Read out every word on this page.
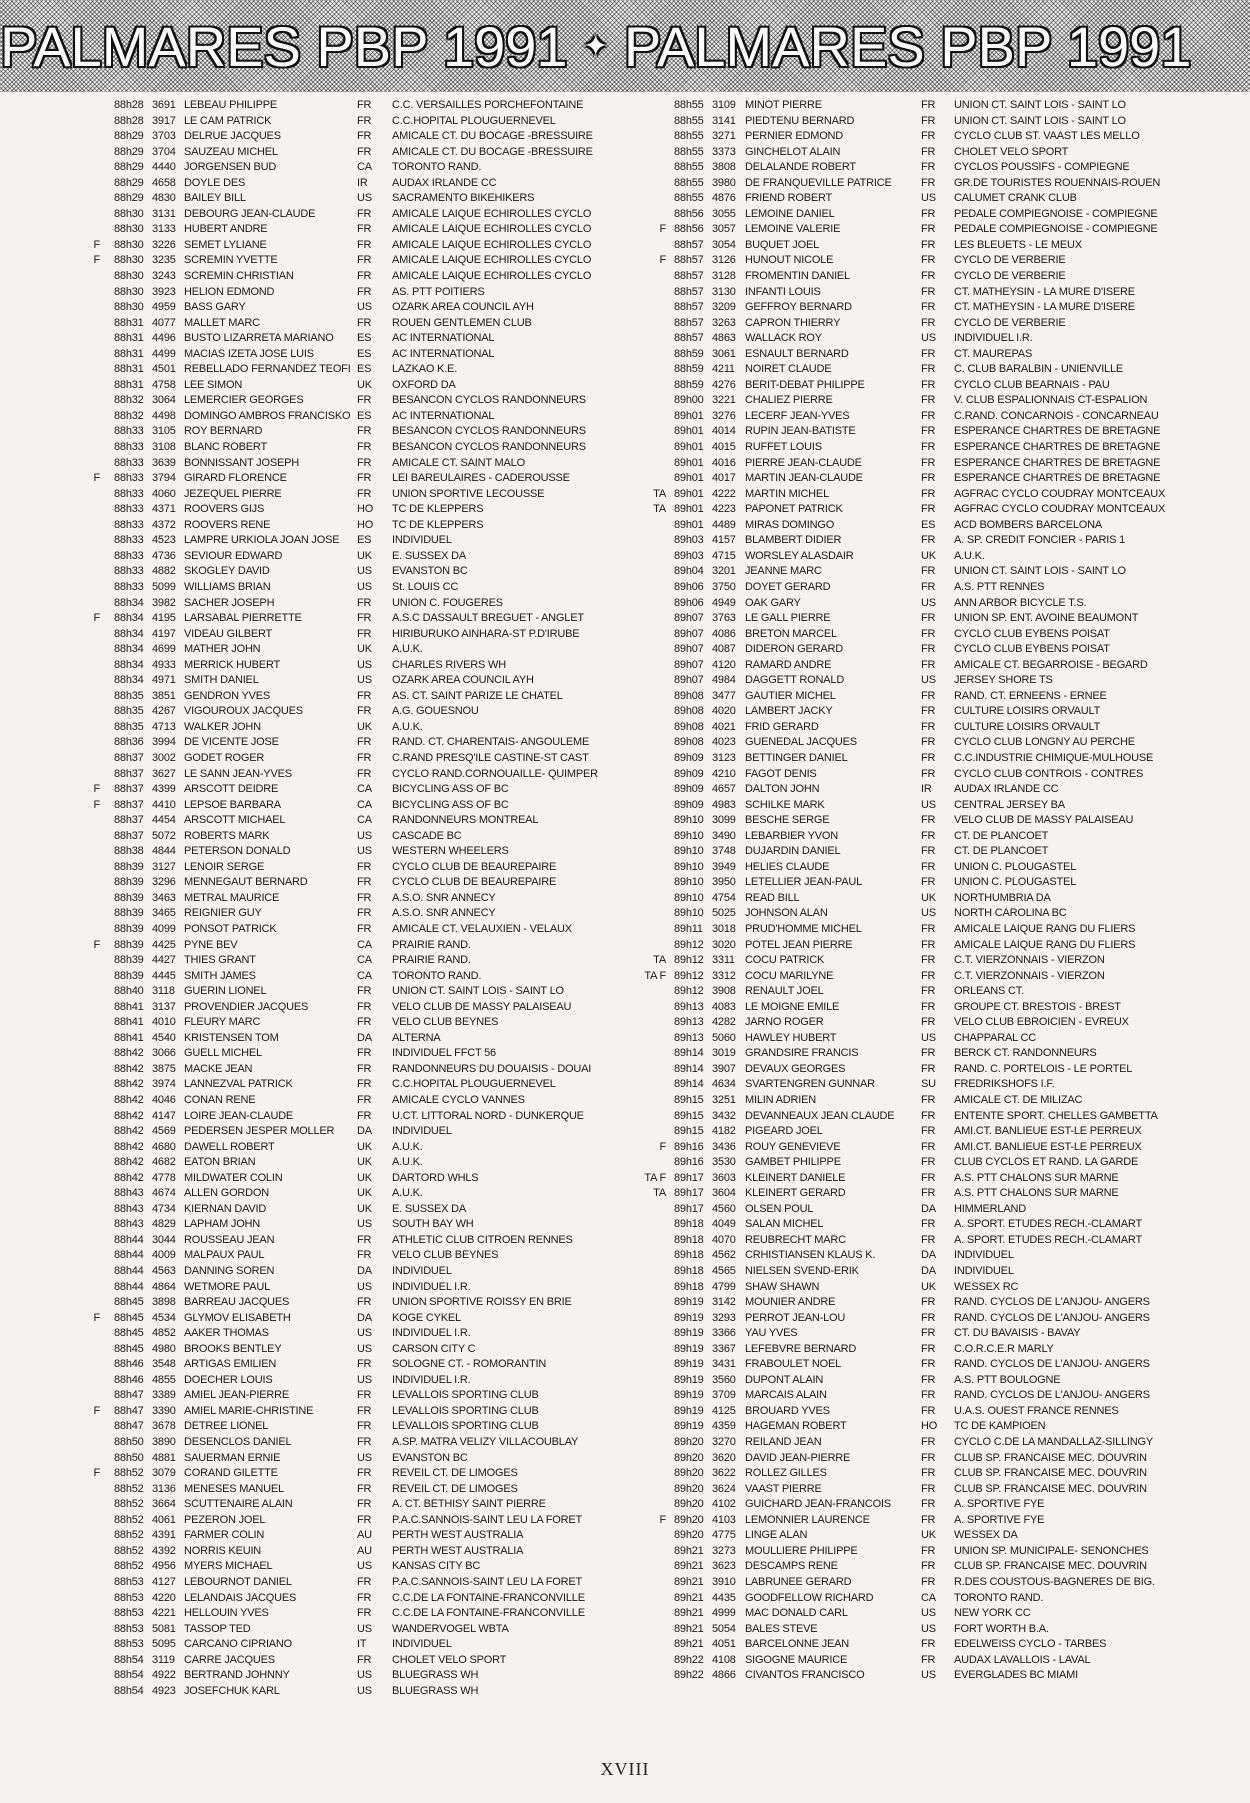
PALMARES PBP 1991 ✦ PALMARES PBP 1991
88h28 3691 LEBEAU PHILIPPE	FR	C.C. VERSAILLES PORCHEFONTAINE
88h28 3917 LE CAM PATRICK	FR	C.C.HOPITAL PLOUGUERNEVEL
88h29 3703 DELRUE JACQUES	FR	AMICALE CT. DU BOCAGE -BRESSUIRE
88h29 3704 SAUZEAU MICHEL	FR	AMICALE CT. DU BOCAGE -BRESSUIRE
88h29 4440 JORGENSEN BUD	CA	TORONTO RAND.
88h29 4658 DOYLE DES	IR	AUDAX IRLANDE CC
88h29 4830 BAILEY BILL	US	SACRAMENTO BIKEHIKERS
88h30 3131 DEBOURG JEAN-CLAUDE	FR	AMICALE LAIQUE ECHIROLLES CYCLO
88h30 3133 HUBERT ANDRE	FR	AMICALE LAIQUE ECHIROLLES CYCLO
F 88h30 3226 SEMET LYLIANE	FR	AMICALE LAIQUE ECHIROLLES CYCLO
F 88h30 3235 SCREMIN YVETTE	FR	AMICALE LAIQUE ECHIROLLES CYCLO
88h30 3243 SCREMIN CHRISTIAN	FR	AMICALE LAIQUE ECHIROLLES CYCLO
88h30 3923 HELION EDMOND	FR	AS. PTT POITIERS
88h30 4959 BASS GARY	US	OZARK AREA COUNCIL AYH
88h31 4077 MALLET MARC	FR	ROUEN GENTLEMEN CLUB
88h31 4496 BUSTO LIZARRETA MARIANO	ES	AC INTERNATIONAL
88h31 4499 MACIAS IZETA JOSE LUIS	ES	AC INTERNATIONAL
88h31 4501 REBELLADO FERNANDEZ TEOFI ES	LAZKAO K.E.
88h31 4758 LEE SIMON	UK	OXFORD DA
88h32 3064 LEMERCIER GEORGES	FR	BESANCON CYCLOS RANDONNEURS
88h32 4498 DOMINGO AMBROS FRANCISKO ES	AC INTERNATIONAL
88h33 3105 ROY BERNARD	FR	BESANCON CYCLOS RANDONNEURS
88h33 3108 BLANC ROBERT	FR	BESANCON CYCLOS RANDONNEURS
88h33 3639 BONNISSANT JOSEPH	FR	AMICALE CT. SAINT MALO
F 88h33 3794 GIRARD FLORENCE	FR	LEI BAREULAIRES - CADEROUSSE
88h33 4060 JEZEQUEL PIERRE	FR	UNION SPORTIVE LECOUSSE
88h33 4371 ROOVERS GIJS	HO	TC DE KLEPPERS
88h33 4372 ROOVERS RENE	HO	TC DE KLEPPERS
88h33 4523 LAMPRE URKIOLA JOAN JOSE	ES	INDIVIDUEL
88h33 4736 SEVIOUR EDWARD	UK	E. SUSSEX DA
88h33 4882 SKOGLEY DAVID	US	EVANSTON BC
88h33 5099 WILLIAMS BRIAN	US	St. LOUIS CC
88h34 3982 SACHER JOSEPH	FR	UNION C. FOUGERES
F 88h34 4195 LARSABAL PIERRETTE	FR	A.S.C DASSAULT BREGUET - ANGLET
88h34 4197 VIDEAU GILBERT	FR	HIRIBURUKO AINHARA-ST P.D'IRUBE
88h34 4699 MATHER JOHN	UK	A.U.K.
88h34 4933 MERRICK HUBERT	US	CHARLES RIVERS WH
88h34 4971 SMITH DANIEL	US	OZARK AREA COUNCIL AYH
88h35 3851 GENDRON YVES	FR	AS. CT. SAINT PARIZE LE CHATEL
88h35 4267 VIGOUROUX JACQUES	FR	A.G. GOUESNOU
88h35 4713 WALKER JOHN	UK	A.U.K.
88h36 3994 DE VICENTE JOSE	FR	RAND. CT. CHARENTAIS- ANGOULEME
88h37 3002 GODET ROGER	FR	C.RAND PRESQ'ILE CASTINE-ST CAST
88h37 3627 LE SANN JEAN-YVES	FR	CYCLO RAND.CORNOUAILLE- QUIMPER
F 88h37 4399 ARSCOTT DEIDRE	CA	BICYCLING ASS OF BC
F 88h37 4410 LEPSOE BARBARA	CA	BICYCLING ASS OF BC
88h37 4454 ARSCOTT MICHAEL	CA	RANDONNEURS MONTREAL
88h37 5072 ROBERTS MARK	US	CASCADE BC
88h38 4844 PETERSON DONALD	US	WESTERN WHEELERS
88h39 3127 LENOIR SERGE	FR	CYCLO CLUB DE BEAUREPAIRE
88h39 3296 MENNEGAUT BERNARD	FR	CYCLO CLUB DE BEAUREPAIRE
88h39 3463 METRAL MAURICE	FR	A.S.O. SNR ANNECY
88h39 3465 REIGNIER GUY	FR	A.S.O. SNR ANNECY
88h39 4099 PONSOT PATRICK	FR	AMICALE CT. VELAUXIEN - VELAUX
F 88h39 4425 PYNE BEV	CA	PRAIRIE RAND.
88h39 4427 THIES GRANT	CA	PRAIRIE RAND.
88h39 4445 SMITH JAMES	CA	TORONTO RAND.
88h40 3118 GUERIN LIONEL	FR	UNION CT. SAINT LOIS - SAINT LO
88h41 3137 PROVENDIER JACQUES	FR	VELO CLUB DE MASSY PALAISEAU
88h41 4010 FLEURY MARC	FR	VELO CLUB BEYNES
88h41 4540 KRISTENSEN TOM	DA	ALTERNA
88h42 3066 GUELL MICHEL	FR	INDIVIDUEL FFCT 56
88h42 3875 MACKE JEAN	FR	RANDONNEURS DU DOUAISIS - DOUAI
88h42 3974 LANNEZVAL PATRICK	FR	C.C.HOPITAL PLOUGUERNEVEL
88h42 4046 CONAN RENE	FR	AMICALE CYCLO VANNES
88h42 4147 LOIRE JEAN-CLAUDE	FR	U.CT. LITTORAL NORD - DUNKERQUE
88h42 4569 PEDERSEN JESPER MOLLER	DA	INDIVIDUEL
88h42 4680 DAWELL ROBERT	UK	A.U.K.
88h42 4682 EATON BRIAN	UK	A.U.K.
88h42 4778 MILDWATER COLIN	UK	DARTORD WHLS
88h43 4674 ALLEN GORDON	UK	A.U.K.
88h43 4734 KIERNAN DAVID	UK	E. SUSSEX DA
88h43 4829 LAPHAM JOHN	US	SOUTH BAY WH
88h44 3044 ROUSSEAU JEAN	FR	ATHLETIC CLUB CITROEN RENNES
88h44 4009 MALPAUX PAUL	FR	VELO CLUB BEYNES
88h44 4563 DANNING SOREN	DA	INDIVIDUEL
88h44 4864 WETMORE PAUL	US	INDIVIDUEL I.R.
88h45 3898 BARREAU JACQUES	FR	UNION SPORTIVE ROISSY EN BRIE
F 88h45 4534 GLYMOV ELISABETH	DA	KOGE CYKEL
88h45 4852 AAKER THOMAS	US	INDIVIDUEL I.R.
88h45 4980 BROOKS BENTLEY	US	CARSON CITY C
88h46 3548 ARTIGAS EMILIEN	FR	SOLOGNE CT. - ROMORANTIN
88h46 4855 DOECHER LOUIS	US	INDIVIDUEL I.R.
88h47 3389 AMIEL JEAN-PIERRE	FR	LEVALLOIS SPORTING CLUB
F 88h47 3390 AMIEL MARIE-CHRISTINE	FR	LEVALLOIS SPORTING CLUB
88h47 3678 DETREE LIONEL	FR	LEVALLOIS SPORTING CLUB
88h50 3890 DESENCLOS DANIEL	FR	A.SP. MATRA VELIZY VILLACOUBLAY
88h50 4881 SAUERMAN ERNIE	US	EVANSTON BC
F 88h52 3079 CORAND GILETTE	FR	REVEIL CT. DE LIMOGES
88h52 3136 MENESES MANUEL	FR	REVEIL CT. DE LIMOGES
88h52 3664 SCUTTENAIRE ALAIN	FR	A. CT. BETHISY SAINT PIERRE
88h52 4061 PEZERON JOEL	FR	P.A.C.SANNOIS-SAINT LEU LA FORET
88h52 4391 FARMER COLIN	AU	PERTH WEST AUSTRALIA
88h52 4392 NORRIS KEUIN	AU	PERTH WEST AUSTRALIA
88h52 4956 MYERS MICHAEL	US	KANSAS CITY BC
88h53 4127 LEBOURNOT DANIEL	FR	P.A.C.SANNOIS-SAINT LEU LA FORET
88h53 4220 LELANDAIS JACQUES	FR	C.C.DE LA FONTAINE-FRANCONVILLE
88h53 4221 HELLOUIN YVES	FR	C.C.DE LA FONTAINE-FRANCONVILLE
88h53 5081 TASSOP TED	US	WANDERVOGEL WBTA
88h53 5095 CARCANO CIPRIANO	IT	INDIVIDUEL
88h54 3119 CARRE JACQUES	FR	CHOLET VELO SPORT
88h54 4922 BERTRAND JOHNNY	US	BLUEGRASS WH
88h54 4923 JOSEFCHUK KARL	US	BLUEGRASS WH
88h55 3109 MINOT PIERRE	FR	UNION CT. SAINT LOIS - SAINT LO
88h55 3141 PIEDTENU BERNARD	FR	UNION CT. SAINT LOIS - SAINT LO
88h55 3271 PERNIER EDMOND	FR	CYCLO CLUB ST. VAAST LES MELLO
88h55 3373 GINCHELOT ALAIN	FR	CHOLET VELO SPORT
88h55 3808 DELALANDE ROBERT	FR	CYCLOS POUSSIFS - COMPIEGNE
88h55 3980 DE FRANQUEVILLE PATRICE	FR	GR.DE TOURISTES ROUENNAIS-ROUEN
88h55 4876 FRIEND ROBERT	US	CALUMET CRANK CLUB
88h56 3055 LEMOINE DANIEL	FR	PEDALE COMPIEGNOISE - COMPIEGNE
F 88h56 3057 LEMOINE VALERIE	FR	PEDALE COMPIEGNOISE - COMPIEGNE
88h57 3054 BUQUET JOEL	FR	LES BLEUETS - LE MEUX
F 88h57 3126 HUNOUT NICOLE	FR	CYCLO DE VERBERIE
88h57 3128 FROMENTIN DANIEL	FR	CYCLO DE VERBERIE
88h57 3130 INFANTI LOUIS	FR	CT. MATHEYSIN - LA MURE D'ISERE
88h57 3209 GEFFROY BERNARD	FR	CT. MATHEYSIN - LA MURE D'ISERE
88h57 3263 CAPRON THIERRY	FR	CYCLO DE VERBERIE
88h57 4863 WALLACK ROY	US	INDIVIDUEL I.R.
88h59 3061 ESNAULT BERNARD	FR	CT. MAUREPAS
88h59 4211 NOIRET CLAUDE	FR	C. CLUB BARALBIN - UNIENVILLE
88h59 4276 BERIT-DEBAT PHILIPPE	FR	CYCLO CLUB BEARNAIS - PAU
89h00 3221 CHALIEZ PIERRE	FR	V. CLUB ESPALIONNAIS CT-ESPALION
89h01 3276 LECERF JEAN-YVES	FR	C.RAND. CONCARNOIS - CONCARNEAU
89h01 4014 RUPIN JEAN-BATISTE	FR	ESPERANCE CHARTRES DE BRETAGNE
89h01 4015 RUFFET LOUIS	FR	ESPERANCE CHARTRES DE BRETAGNE
89h01 4016 PIERRE JEAN-CLAUDE	FR	ESPERANCE CHARTRES DE BRETAGNE
89h01 4017 MARTIN JEAN-CLAUDE	FR	ESPERANCE CHARTRES DE BRETAGNE
TA 89h01 4222 MARTIN MICHEL	FR	AGFRAC CYCLO COUDRAY MONTCEAUX
TA 89h01 4223 PAPONET PATRICK	FR	AGFRAC CYCLO COUDRAY MONTCEAUX
89h01 4489 MIRAS DOMINGO	ES	ACD BOMBERS BARCELONA
89h03 4157 BLAMBERT DIDIER	FR	A. SP. CREDIT FONCIER - PARIS 1
89h03 4715 WORSLEY ALASDAIR	UK	A.U.K.
89h04 3201 JEANNE MARC	FR	UNION CT. SAINT LOIS - SAINT LO
89h06 3750 DOYET GERARD	FR	A.S. PTT RENNES
89h06 4949 OAK GARY	US	ANN ARBOR BICYCLE T.S.
89h07 3763 LE GALL PIERRE	FR	UNION SP. ENT. AVOINE BEAUMONT
89h07 4086 BRETON MARCEL	FR	CYCLO CLUB EYBENS POISAT
89h07 4087 DIDERON GERARD	FR	CYCLO CLUB EYBENS POISAT
89h07 4120 RAMARD ANDRE	FR	AMICALE CT. BEGARROISE - BEGARD
89h07 4984 DAGGETT RONALD	US	JERSEY SHORE TS
89h08 3477 GAUTIER MICHEL	FR	RAND. CT. ERNEENS - ERNEE
89h08 4020 LAMBERT JACKY	FR	CULTURE LOISIRS ORVAULT
89h08 4021 FRID GERARD	FR	CULTURE LOISIRS ORVAULT
89h08 4023 GUENEDAL JACQUES	FR	CYCLO CLUB LONGNY AU PERCHE
89h09 3123 BETTINGER DANIEL	FR	C.C.INDUSTRIE CHIMIQUE-MULHOUSE
89h09 4210 FAGOT DENIS	FR	CYCLO CLUB CONTROIS - CONTRES
89h09 4657 DALTON JOHN	IR	AUDAX IRLANDE CC
89h09 4983 SCHILKE MARK	US	CENTRAL JERSEY BA
89h10 3099 BESCHE SERGE	FR	VELO CLUB DE MASSY PALAISEAU
89h10 3490 LEBARBIER YVON	FR	CT. DE PLANCOET
89h10 3748 DUJARDIN DANIEL	FR	CT. DE PLANCOET
89h10 3949 HELIES CLAUDE	FR	UNION C. PLOUGASTEL
89h10 3950 LETELLIER JEAN-PAUL	FR	UNION C. PLOUGASTEL
89h10 4754 READ BILL	UK	NORTHUMBRIA DA
89h10 5025 JOHNSON ALAN	US	NORTH CAROLINA BC
89h11 3018 PRUD'HOMME MICHEL	FR	AMICALE LAIQUE RANG DU FLIERS
89h12 3020 POTEL JEAN PIERRE	FR	AMICALE LAIQUE RANG DU FLIERS
TA 89h12 3311 COCU PATRICK	FR	C.T. VIERZONNAIS - VIERZON
TA F 89h12 3312 COCU MARILYNE	FR	C.T. VIERZONNAIS - VIERZON
89h12 3908 RENAULT JOEL	FR	ORLEANS CT.
89h13 4083 LE MOIGNE EMILE	FR	GROUPE CT. BRESTOIS - BREST
89h13 4282 JARNO ROGER	FR	VELO CLUB EBROICIEN - EVREUX
89h13 5060 HAWLEY HUBERT	US	CHAPPARAL CC
89h14 3019 GRANDSIRE FRANCIS	FR	BERCK CT. RANDONNEURS
89h14 3907 DEVAUX GEORGES	FR	RAND. C. PORTELOIS - LE PORTEL
89h14 4634 SVARTENGREN GUNNAR	SU	FREDRIKSHOFS I.F.
89h15 3251 MILIN ADRIEN	FR	AMICALE CT. DE MILIZAC
89h15 3432 DEVANNEAUX JEAN CLAUDE	FR	ENTENTE SPORT. CHELLES GAMBETTA
89h15 4182 PIGEARD JOEL	FR	AMI.CT. BANLIEUE EST-LE PERREUX
F 89h16 3436 ROUY GENEVIEVE	FR	AMI.CT. BANLIEUE EST-LE PERREUX
89h16 3530 GAMBET PHILIPPE	FR	CLUB CYCLOS ET RAND. LA GARDE
TA F 89h17 3603 KLEINERT DANIELE	FR	A.S. PTT CHALONS SUR MARNE
TA 89h17 3604 KLEINERT GERARD	FR	A.S. PTT CHALONS SUR MARNE
89h17 4560 OLSEN POUL	DA	HIMMERLAND
89h18 4049 SALAN MICHEL	FR	A. SPORT. ETUDES RECH.-CLAMART
89h18 4070 REUBRECHT MARC	FR	A. SPORT. ETUDES RECH.-CLAMART
89h18 4562 CRHISTIANSEN KLAUS K.	DA	INDIVIDUEL
89h18 4565 NIELSEN SVEND-ERIK	DA	INDIVIDUEL
89h18 4799 SHAW SHAWN	UK	WESSEX RC
89h19 3142 MOUNIER ANDRE	FR	RAND. CYCLOS DE L'ANJOU- ANGERS
89h19 3293 PERROT JEAN-LOU	FR	RAND. CYCLOS DE L'ANJOU- ANGERS
89h19 3366 YAU YVES	FR	CT. DU BAVAISIS - BAVAY
89h19 3367 LEFEBVRE BERNARD	FR	C.O.R.C.E.R MARLY
89h19 3431 FRABOULET NOEL	FR	RAND. CYCLOS DE L'ANJOU- ANGERS
89h19 3560 DUPONT ALAIN	FR	A.S. PTT BOULOGNE
89h19 3709 MARCAIS ALAIN	FR	RAND. CYCLOS DE L'ANJOU- ANGERS
89h19 4125 BROUARD YVES	FR	U.A.S. OUEST FRANCE RENNES
89h19 4359 HAGEMAN ROBERT	HO	TC DE KAMPIOEN
89h20 3270 REILAND JEAN	FR	CYCLO C.DE LA MANDALLAZ-SILLINGY
89h20 3620 DAVID JEAN-PIERRE	FR	CLUB SP. FRANCAISE MEC. DOUVRIN
89h20 3622 ROLLEZ GILLES	FR	CLUB SP. FRANCAISE MEC. DOUVRIN
89h20 3624 VAAST PIERRE	FR	CLUB SP. FRANCAISE MEC. DOUVRIN
89h20 4102 GUICHARD JEAN-FRANCOIS	FR	A. SPORTIVE FYE
F 89h20 4103 LEMONNIER LAURENCE	FR	A. SPORTIVE FYE
89h20 4775 LINGE ALAN	UK	WESSEX DA
89h21 3273 MOULLIERE PHILIPPE	FR	UNION SP. MUNICIPALE- SENONCHES
89h21 3623 DESCAMPS RENE	FR	CLUB SP. FRANCAISE MEC. DOUVRIN
89h21 3910 LABRUNEE GERARD	FR	R.DES COUSTOUS-BAGNERES DE BIG.
89h21 4435 GOODFELLOW RICHARD	CA	TORONTO RAND.
89h21 4999 MAC DONALD CARL	US	NEW YORK CC
89h21 5054 BALES STEVE	US	FORT WORTH B.A.
89h21 4051 BARCELONNE JEAN	FR	EDELWEISS CYCLO - TARBES
89h22 4108 SIGOGNE MAURICE	FR	AUDAX LAVALLOIS - LAVAL
89h22 4866 CIVANTOS FRANCISCO	US	EVERGLADES BC MIAMI
XVIII
